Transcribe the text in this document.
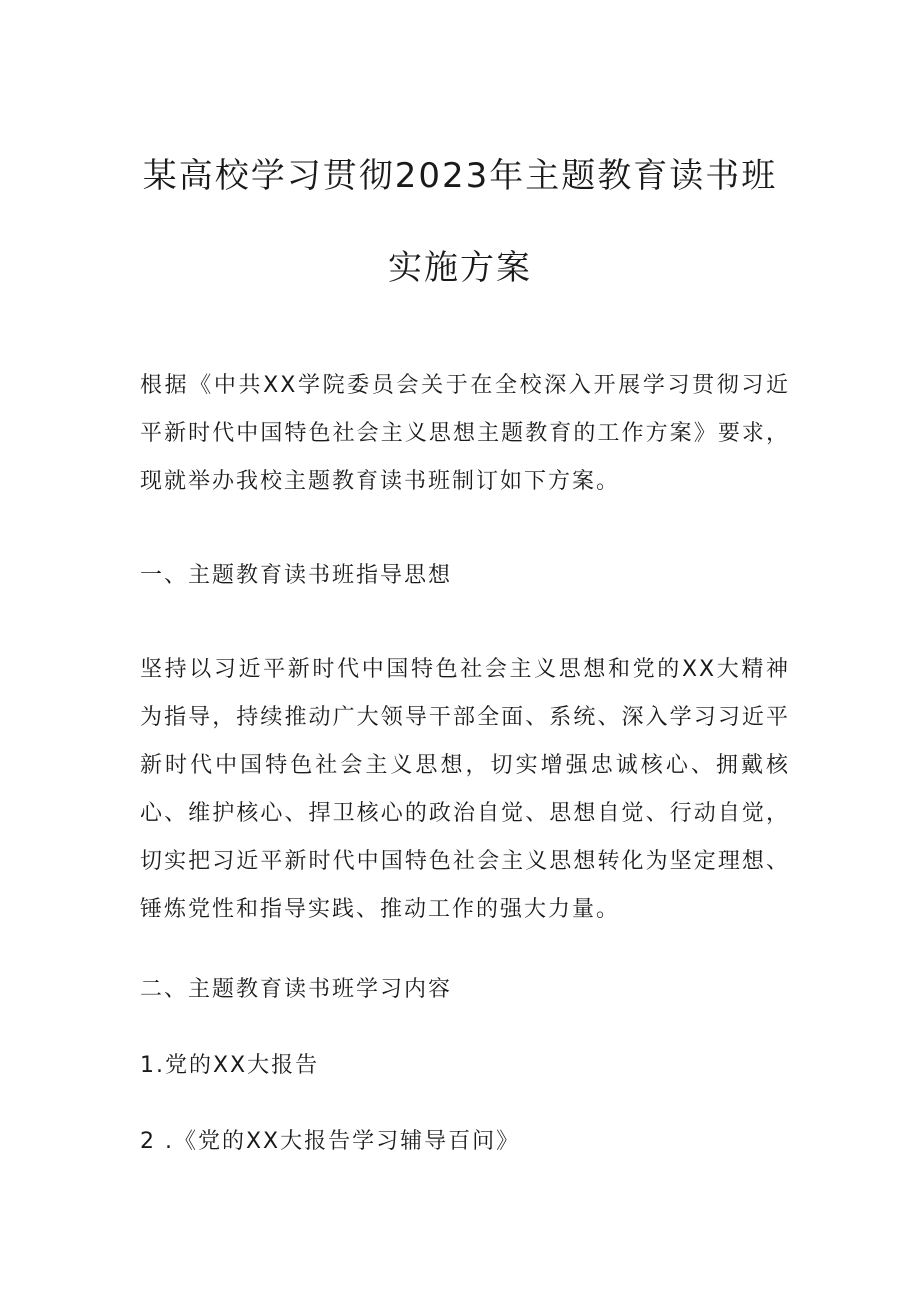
某高校学习贯彻2023年主题教育读书班
实施方案
根据《中共XX学院委员会关于在全校深入开展学习贯彻习近平新时代中国特色社会主义思想主题教育的工作方案》要求，现就举办我校主题教育读书班制订如下方案。
一、主题教育读书班指导思想
坚持以习近平新时代中国特色社会主义思想和党的XX大精神为指导，持续推动广大领导干部全面、系统、深入学习习近平新时代中国特色社会主义思想，切实增强忠诚核心、拥戴核心、维护核心、捍卫核心的政治自觉、思想自觉、行动自觉，切实把习近平新时代中国特色社会主义思想转化为坚定理想、锤炼党性和指导实践、推动工作的强大力量。
二、主题教育读书班学习内容
1.党的XX大报告
2 .《党的XX大报告学习辅导百问》
